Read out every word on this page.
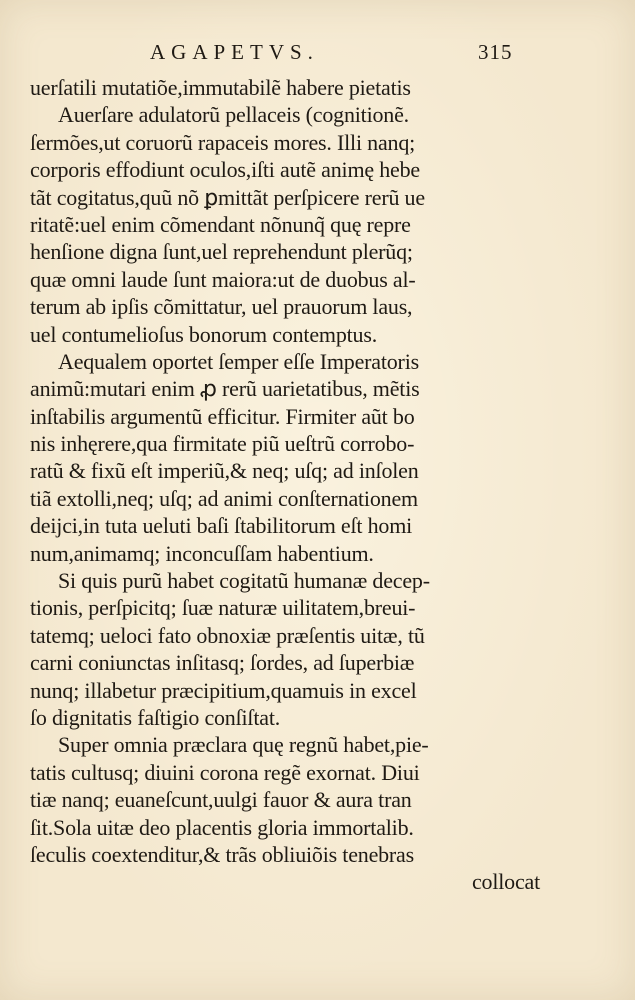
AGAPETVS.	315
uerſatili mutatiõe,immutabilẽ habere pietatis
Auerſare adulatorũ pellaceis (cognitionẽ.
ſermões,ut coruorũ rapaceis mores. Illi nanq;
corporis effodiunt oculos,iſti autẽ animę hebe
tãt cogitatus,quũ nõ ꝑmittãt perſpicere rerũ ue
ritatẽ:uel enim cõmendant nõnunq̃ quę repre
henſione digna ſunt,uel reprehendunt plerũq;
quæ omni laude ſunt maiora:ut de duobus al-
terum ab ipſis cõmittatur, uel prauorum laus,
uel contumelioſus bonorum contemptus.
Aequalem oportet ſemper eſſe Imperatoris
animũ:mutari enim ꝓ rerũ uarietatibus, mẽtis
inſtabilis argumentũ efficitur. Firmiter aũt bo
nis inhęrere,qua firmitate piũ ueſtrũ corrobo-
ratũ & fixũ eſt imperiũ,& neq; uſq; ad inſolen
tiã extolli,neq; uſq; ad animi conſternationem
deijci,in tuta ueluti baſi ſtabilitorum eſt homi
num,animamq; inconcuſſam habentium.
Si quis purũ habet cogitatũ humanæ decep-
tionis, perſpicitq; ſuæ naturæ uilitatem,breui-
tatemq; ueloci fato obnoxiæ præſentis uitæ, tũ
carni coniunctas inſitasq; ſordes, ad ſuperbiæ
nunq; illabetur præcipitium,quamuis in excel
ſo dignitatis faſtigio conſiſtat.
Super omnia præclara quę regnũ habet,pie-
tatis cultusq; diuini corona regẽ exornat. Diui
tiæ nanq; euaneſcunt,uulgi fauor & aura tran
ſit.Sola uitæ deo placentis gloria immortalib.
ſeculis coextenditur,& trãs obliuiõis tenebras
collocat
